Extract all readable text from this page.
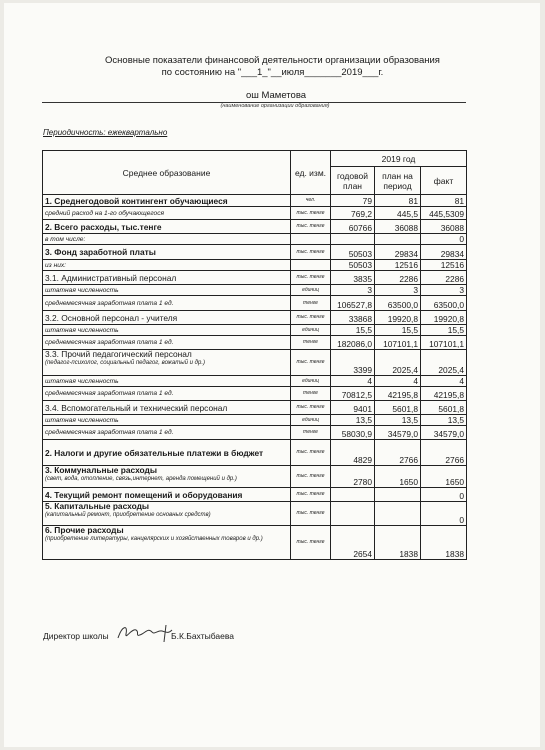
Основные показатели финансовой деятельности организации образования
по состоянию на "___1_"__июля_______2019___г.
ош Маметова
(наименование организации образования)
Периодичность: ежеквартально
Среднее образование	ед. изм.	2019 год		
		годовой план	план на период	факт
1. Среднегодовой контингент обучающиеся	чел.	79	81	81
средний расход на 1-го обучающегося	тыс. тенге	769,2	445,5	445,5309
2. Всего расходы, тыс.тенге	тыс. тенге	60766	36088	36088
в том числе:				0
3. Фонд заработной платы	тыс. тенге	50503	29834	29834
из них:		50503	12516	12516
3.1. Административный персонал	тыс. тенге	3835	2286	2286
штатная численность	единиц	3	3	3
среднемесячная заработная плата 1 ед.	тенге	106527,8	63500,0	63500,0
3.2. Основной персонал - учителя	тыс. тенге	33868	19920,8	19920,8
штатная численность	единиц	15,5	15,5	15,5
среднемесячная заработная плата 1 ед.	тенге	182086,0	107101,1	107101,1
3.3. Прочий педагогический персонал
(педагог-психолог, социальный педагог, вожатый и др.)	тыс. тенге	3399	2025,4	2025,4
штатная численность	единиц	4	4	4
среднемесячная заработная плата 1 ед.	тенге	70812,5	42195,8	42195,8
3.4. Вспомогательный и технический персонал	тыс. тенге	9401	5601,8	5601,8
штатная численность	единиц	13,5	13,5	13,5
среднемесячная заработная плата 1 ед.	тенге	58030,9	34579,0	34579,0
2. Налоги и другие обязательные платежи в бюджет	тыс. тенге	4829	2766	2766
3. Коммунальные расходы
(свет, вода, отопление, связь,интернет, аренда помещений и др.)	тыс. тенге	2780	1650	1650
4. Текущий ремонт помещений и оборудования	тыс. тенге			0
5. Капитальные расходы
(капитальный ремонт, приобретение основных средств)	тыс. тенге			0
6. Прочие расходы
(приобретение литературы, канцелярских и хозяйственных товаров и др.)	тыс. тенге	2654	1838	1838
Директор школы	Б.К.Бахтыбаева
